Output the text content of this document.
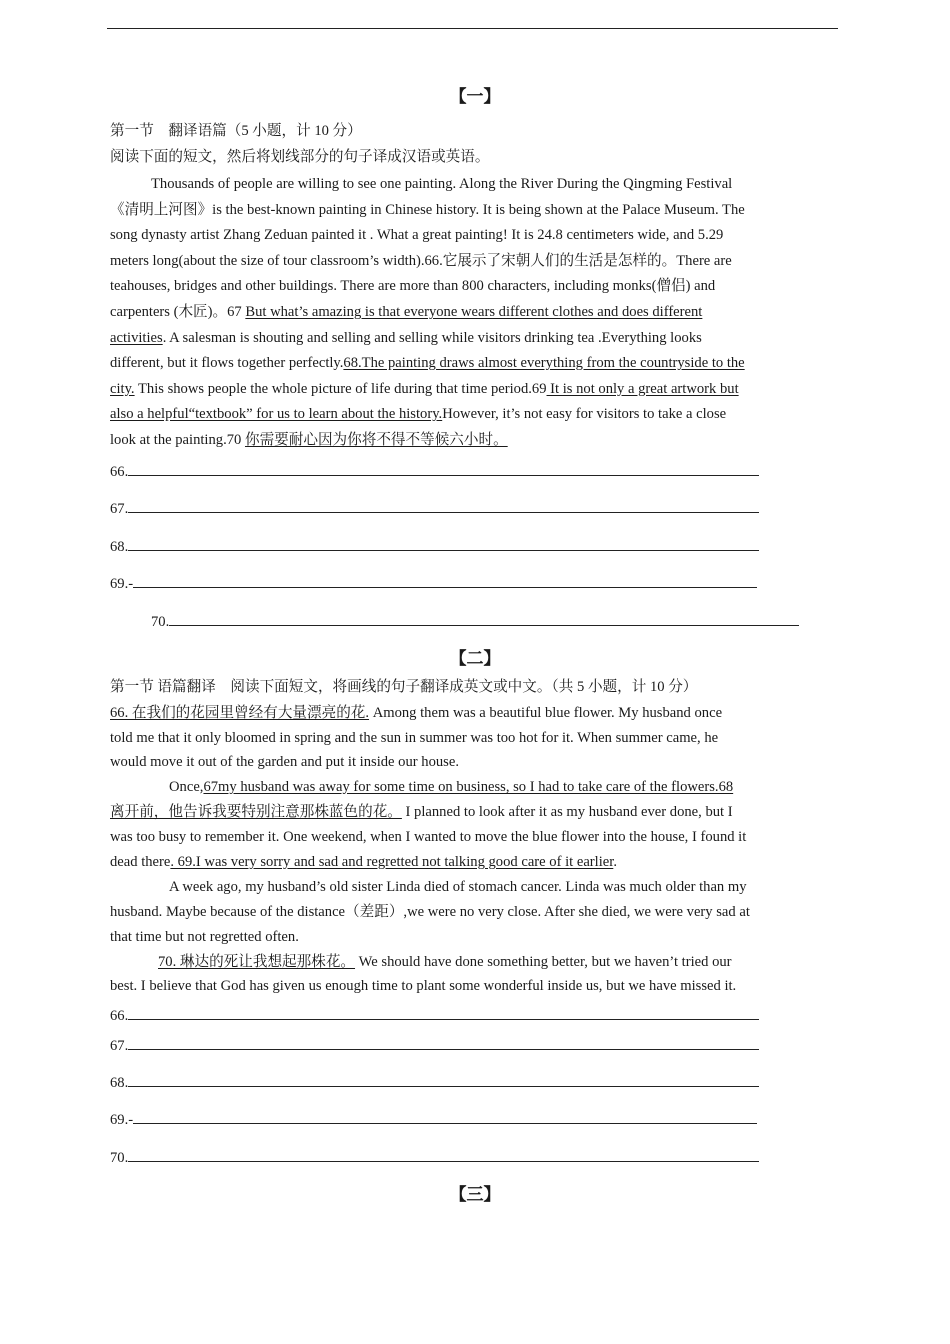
【一】
第一节　翻译语篇（5 小题，计 10 分）
阅读下面的短文，然后将划线部分的句子译成汉语或英语。
Thousands of people are willing to see one painting. Along the River During the Qingming Festival
《清明上河图》is the best-known painting in Chinese history. It is being shown at the Palace Museum. The
song dynasty artist Zhang Zeduan painted it . What a great painting! It is 24.8 centimeters wide, and 5.29
meters long(about the size of tour classroom’s width).66.它展示了宋朝人们的生活是怎样的。There are
teahouses, bridges and other buildings. There are more than 800 characters, including monks(僧侣) and
carpenters (木匠)。67 But what’s amazing is that everyone wears different clothes and does different
activities. A salesman is shouting and selling and selling while visitors drinking tea .Everything looks
different, but it flows together perfectly.68.The painting draws almost everything from the countryside to the
city. This shows people the whole picture of life during that time period.69 It is not only a great artwork but
also a helpful“textbook” for us to learn about the history.However, it’s not easy for visitors to take a close
look at the painting.70 你需要耐心因为你将不得不等候六小时。
66.
67.
68.
69.-
70.
【二】
第一节 语篇翻译　阅读下面短文，将画线的句子翻译成英文或中文。（共 5 小题，计 10 分）
66. 在我们的花园里曾经有大量漂亮的花. Among them was a beautiful blue flower. My husband once
told me that it only bloomed in spring and the sun in summer was too hot for it. When summer came, he
would move it out of the garden and put it inside our house.
Once,67my husband was away for some time on business, so I had to take care of the flowers.68
离开前，他告诉我要特别注意那株蓝色的花。 I planned to look after it as my husband ever done, but I
was too busy to remember it. One weekend, when I wanted to move the blue flower into the house, I found it
dead there. 69.I was very sorry and sad and regretted not talking good care of it earlier.
A week ago, my husband’s old sister Linda died of stomach cancer. Linda was much older than my
husband. Maybe because of the distance（差距）,we were no very close. After she died, we were very sad at
that time but not regretted often.
70. 琳达的死让我想起那株花。 We should have done something better, but we haven’t tried our
best. I believe that God has given us enough time to plant some wonderful inside us, but we have missed it.
66.
67.
68.
69.-
70.
【三】
